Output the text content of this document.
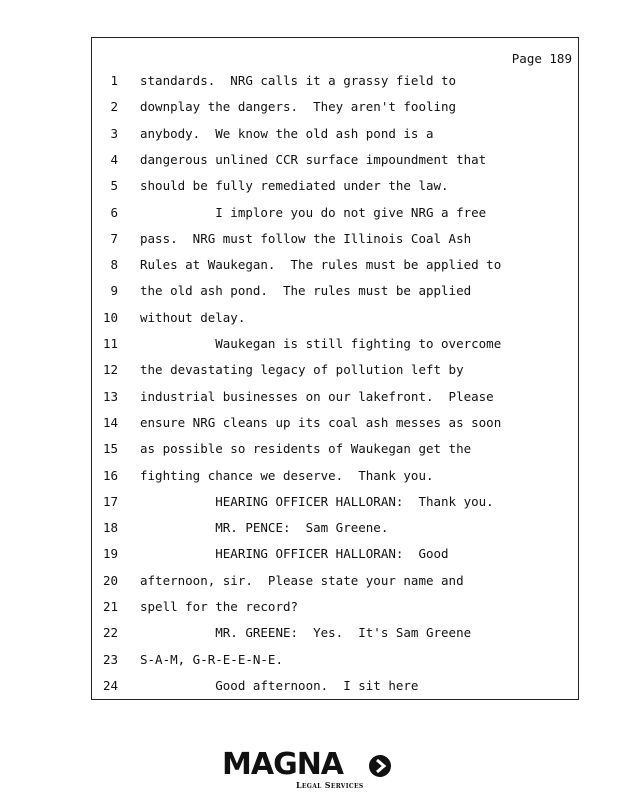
Page 189
1 standards.  NRG calls it a grassy field to
2 downplay the dangers.  They aren't fooling
3 anybody.  We know the old ash pond is a
4 dangerous unlined CCR surface impoundment that
5 should be fully remediated under the law.
6 I implore you do not give NRG a free
7 pass.  NRG must follow the Illinois Coal Ash
8 Rules at Waukegan.  The rules must be applied to
9 the old ash pond.  The rules must be applied
10 without delay.
11 Waukegan is still fighting to overcome
12 the devastating legacy of pollution left by
13 industrial businesses on our lakefront.  Please
14 ensure NRG cleans up its coal ash messes as soon
15 as possible so residents of Waukegan get the
16 fighting chance we deserve.  Thank you.
17 HEARING OFFICER HALLORAN:  Thank you.
18 MR. PENCE:  Sam Greene.
19 HEARING OFFICER HALLORAN:  Good
20 afternoon, sir.  Please state your name and
21 spell for the record?
22 MR. GREENE:  Yes.  It's Sam Greene
23 S-A-M, G-R-E-E-N-E.
24 Good afternoon.  I sit here
MAGNA
Legal Services
